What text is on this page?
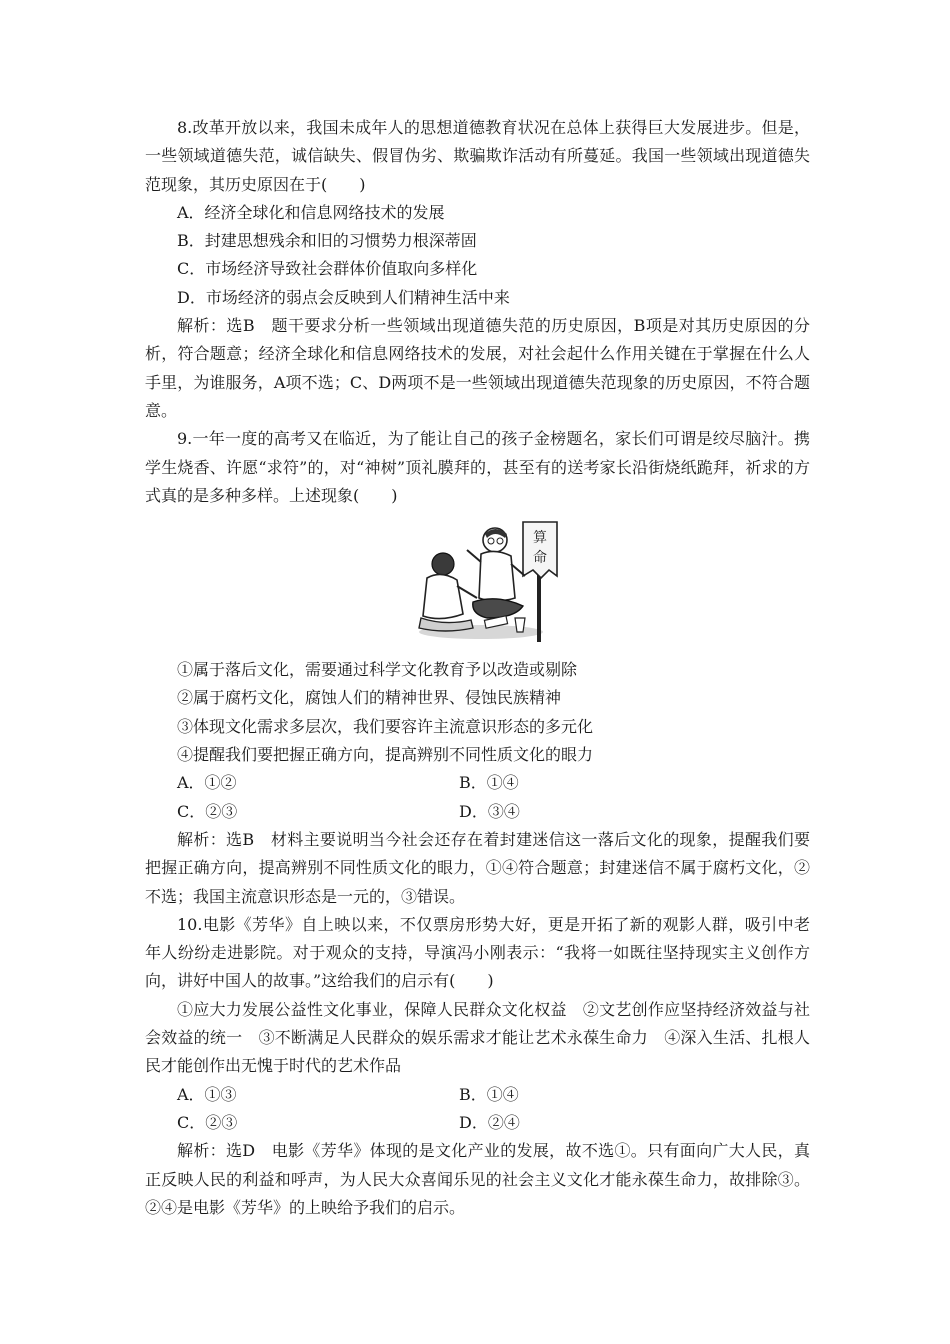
8.改革开放以来，我国未成年人的思想道德教育状况在总体上获得巨大发展进步。但是，一些领域道德失范，诚信缺失、假冒伪劣、欺骗欺诈活动有所蔓延。我国一些领域出现道德失范现象，其历史原因在于(　　)

A．经济全球化和信息网络技术的发展

B．封建思想残余和旧的习惯势力根深蒂固

C．市场经济导致社会群体价值取向多样化

D．市场经济的弱点会反映到人们精神生活中来

解析：选B　题干要求分析一些领域出现道德失范的历史原因，B项是对其历史原因的分析，符合题意；经济全球化和信息网络技术的发展，对社会起什么作用关键在于掌握在什么人手里，为谁服务，A项不选；C、D两项不是一些领域出现道德失范现象的历史原因，不符合题意。

9.一年一度的高考又在临近，为了能让自己的孩子金榜题名，家长们可谓是绞尽脑汁。携学生烧香、许愿“求符”的，对“神树”顶礼膜拜的，甚至有的送考家长沿街烧纸跪拜，祈求的方式真的是多种多样。上述现象(　　)

算
命

①属于落后文化，需要通过科学文化教育予以改造或剔除

②属于腐朽文化，腐蚀人们的精神世界、侵蚀民族精神

③体现文化需求多层次，我们要容许主流意识形态的多元化

④提醒我们要把握正确方向，提高辨别不同性质文化的眼力

A．①②	B．①④

C．②③	D．③④

解析：选B　材料主要说明当今社会还存在着封建迷信这一落后文化的现象，提醒我们要把握正确方向，提高辨别不同性质文化的眼力，①④符合题意；封建迷信不属于腐朽文化，②不选；我国主流意识形态是一元的，③错误。

10.电影《芳华》自上映以来，不仅票房形势大好，更是开拓了新的观影人群，吸引中老年人纷纷走进影院。对于观众的支持，导演冯小刚表示：“我将一如既往坚持现实主义创作方向，讲好中国人的故事。”这给我们的启示有(　　)

①应大力发展公益性文化事业，保障人民群众文化权益　②文艺创作应坚持经济效益与社会效益的统一　③不断满足人民群众的娱乐需求才能让艺术永葆生命力　④深入生活、扎根人民才能创作出无愧于时代的艺术作品

A．①③	B．①④

C．②③	D．②④

解析：选D　电影《芳华》体现的是文化产业的发展，故不选①。只有面向广大人民，真正反映人民的利益和呼声，为人民大众喜闻乐见的社会主义文化才能永葆生命力，故排除③。②④是电影《芳华》的上映给予我们的启示。
